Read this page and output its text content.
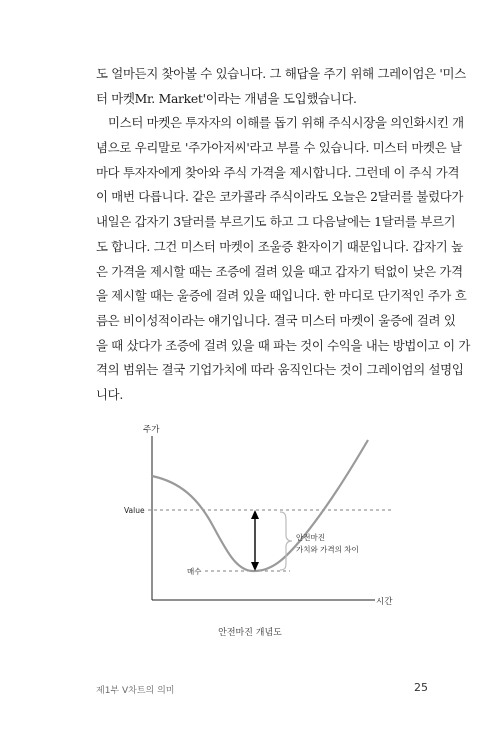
도 얼마든지 찾아볼 수 있습니다. 그 해답을 주기 위해 그레이엄은 '미스
터 마켓Mr. Market'이라는 개념을 도입했습니다.
미스터 마켓은 투자자의 이해를 돕기 위해 주식시장을 의인화시킨 개
념으로 우리말로 '주가아저씨'라고 부를 수 있습니다. 미스터 마켓은 날
마다 투자자에게 찾아와 주식 가격을 제시합니다. 그런데 이 주식 가격
이 매번 다릅니다. 같은 코카콜라 주식이라도 오늘은 2달러를 불렀다가
내일은 갑자기 3달러를 부르기도 하고 그 다음날에는 1달러를 부르기
도 합니다. 그건 미스터 마켓이 조울증 환자이기 때문입니다. 갑자기 높
은 가격을 제시할 때는 조증에 걸려 있을 때고 갑자기 턱없이 낮은 가격
을 제시할 때는 울증에 걸려 있을 때입니다. 한 마디로 단기적인 주가 흐
름은 비이성적이라는 얘기입니다. 결국 미스터 마켓이 울증에 걸려 있
을 때 샀다가 조증에 걸려 있을 때 파는 것이 수익을 내는 방법이고 이 가
격의 범위는 결국 기업가치에 따라 움직인다는 것이 그레이엄의 설명입
니다.
주가
시간
Value
매수
안전마진
가치와 가격의 차이
안전마진 개념도
제1부 V차트의 의미	25
